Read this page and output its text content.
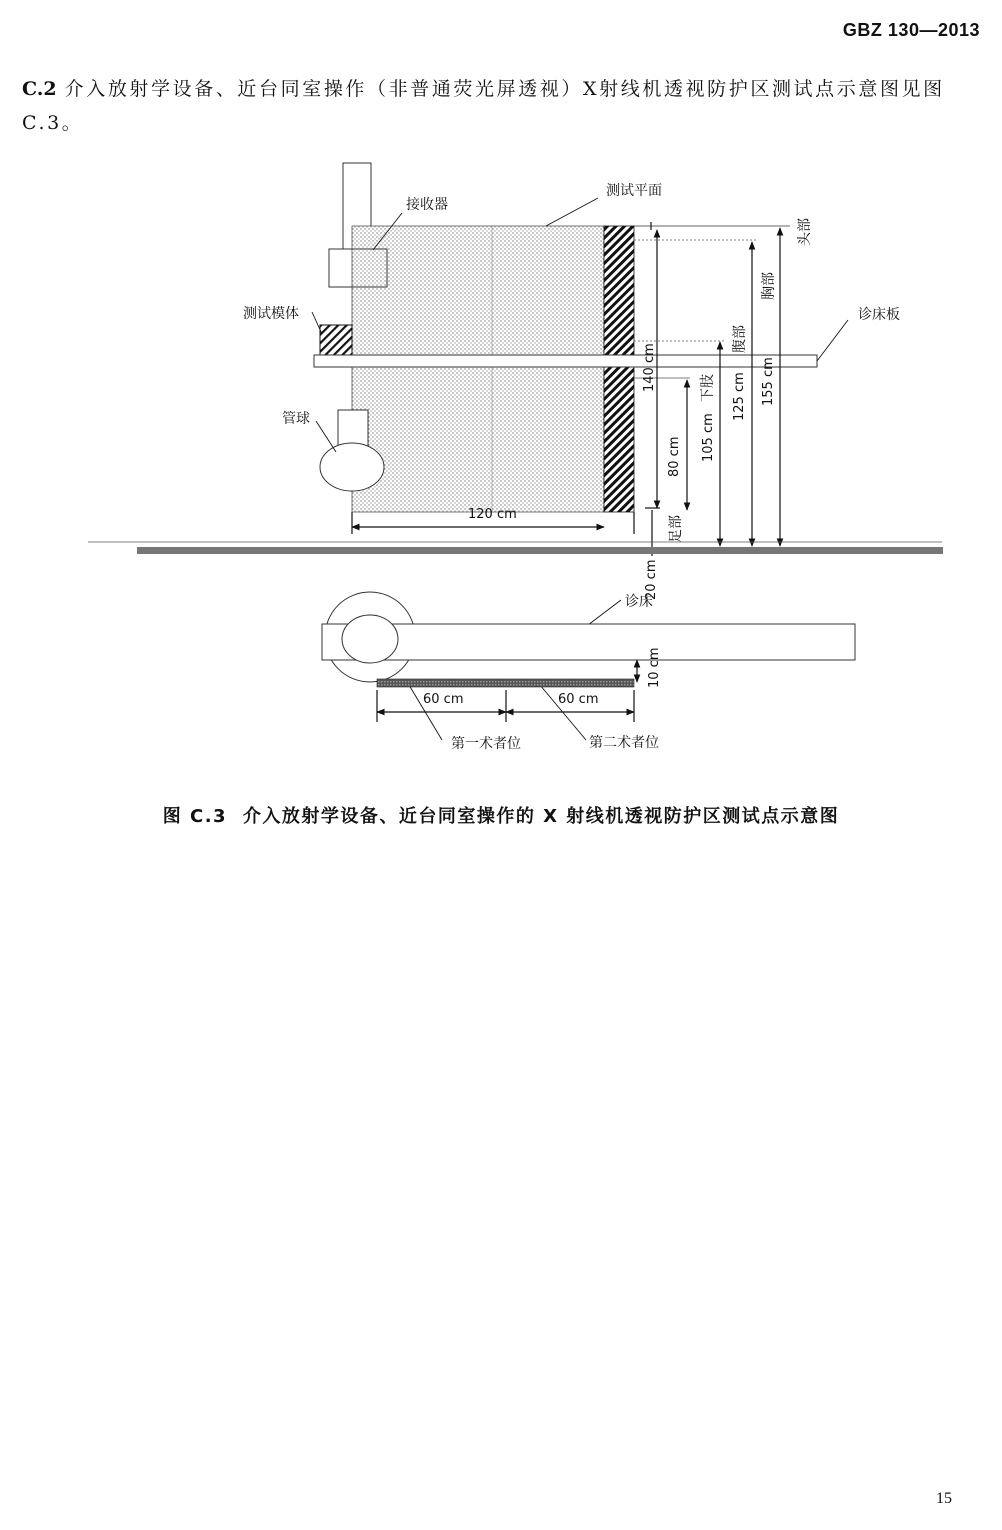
GBZ 130—2013
C.2 介入放射学设备、近台同室操作（非普通荧光屏透视）X射线机透视防护区测试点示意图见图C.3。
接收器
测试平面
测试模体	诊床板
管球
诊床
第一术者位	第二术者位
头部
胸部
腹部
下肢
足部
120 cm
140 cm
80 cm 105 cm
125 cm 155 cm
20 cm
10 cm
60 cm	60 cm
图 C.3 介入放射学设备、近台同室操作的 X 射线机透视防护区测试点示意图
15
